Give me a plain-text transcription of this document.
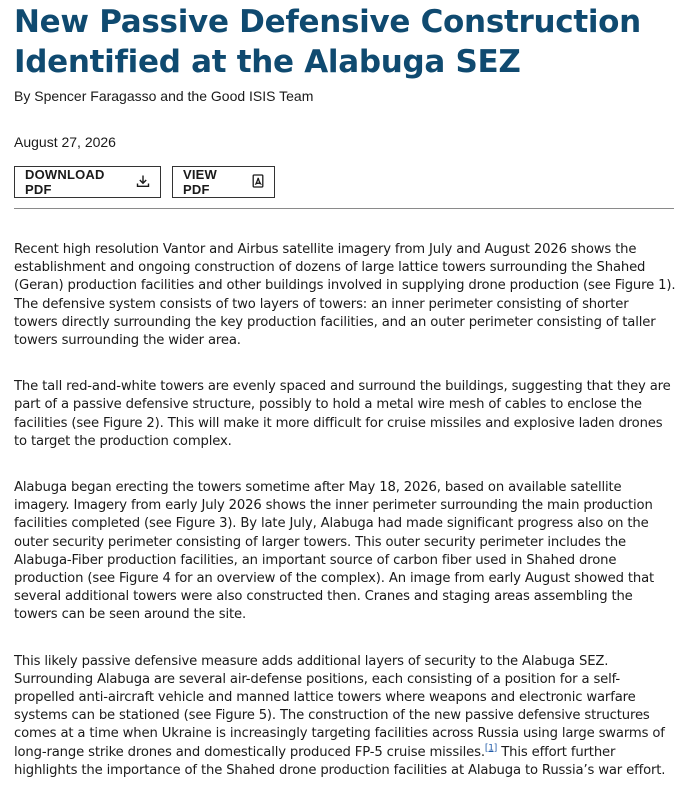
New Passive Defensive Construction Identified at the Alabuga SEZ
By Spencer Faragasso and the Good ISIS Team
August 27, 2026
DOWNLOAD PDF
VIEW PDF

Recent high resolution Vantor and Airbus satellite imagery from July and August 2026 shows the establishment and ongoing construction of dozens of large lattice towers surrounding the Shahed (Geran) production facilities and other buildings involved in supplying drone production (see Figure 1). The defensive system consists of two layers of towers: an inner perimeter consisting of shorter towers directly surrounding the key production facilities, and an outer perimeter consisting of taller towers surrounding the wider area.

The tall red-and-white towers are evenly spaced and surround the buildings, suggesting that they are part of a passive defensive structure, possibly to hold a metal wire mesh of cables to enclose the facilities (see Figure 2). This will make it more difficult for cruise missiles and explosive laden drones to target the production complex.

Alabuga began erecting the towers sometime after May 18, 2026, based on available satellite imagery. Imagery from early July 2026 shows the inner perimeter surrounding the main production facilities completed (see Figure 3). By late July, Alabuga had made significant progress also on the outer security perimeter consisting of larger towers. This outer security perimeter includes the Alabuga-Fiber production facilities, an important source of carbon fiber used in Shahed drone production (see Figure 4 for an overview of the complex). An image from early August showed that several additional towers were also constructed then. Cranes and staging areas assembling the towers can be seen around the site.

This likely passive defensive measure adds additional layers of security to the Alabuga SEZ. Surrounding Alabuga are several air-defense positions, each consisting of a position for a self-propelled anti-aircraft vehicle and manned lattice towers where weapons and electronic warfare systems can be stationed (see Figure 5). The construction of the new passive defensive structures comes at a time when Ukraine is increasingly targeting facilities across Russia using large swarms of long-range strike drones and domestically produced FP-5 cruise missiles.[1] This effort further highlights the importance of the Shahed drone production facilities at Alabuga to Russia’s war effort.
